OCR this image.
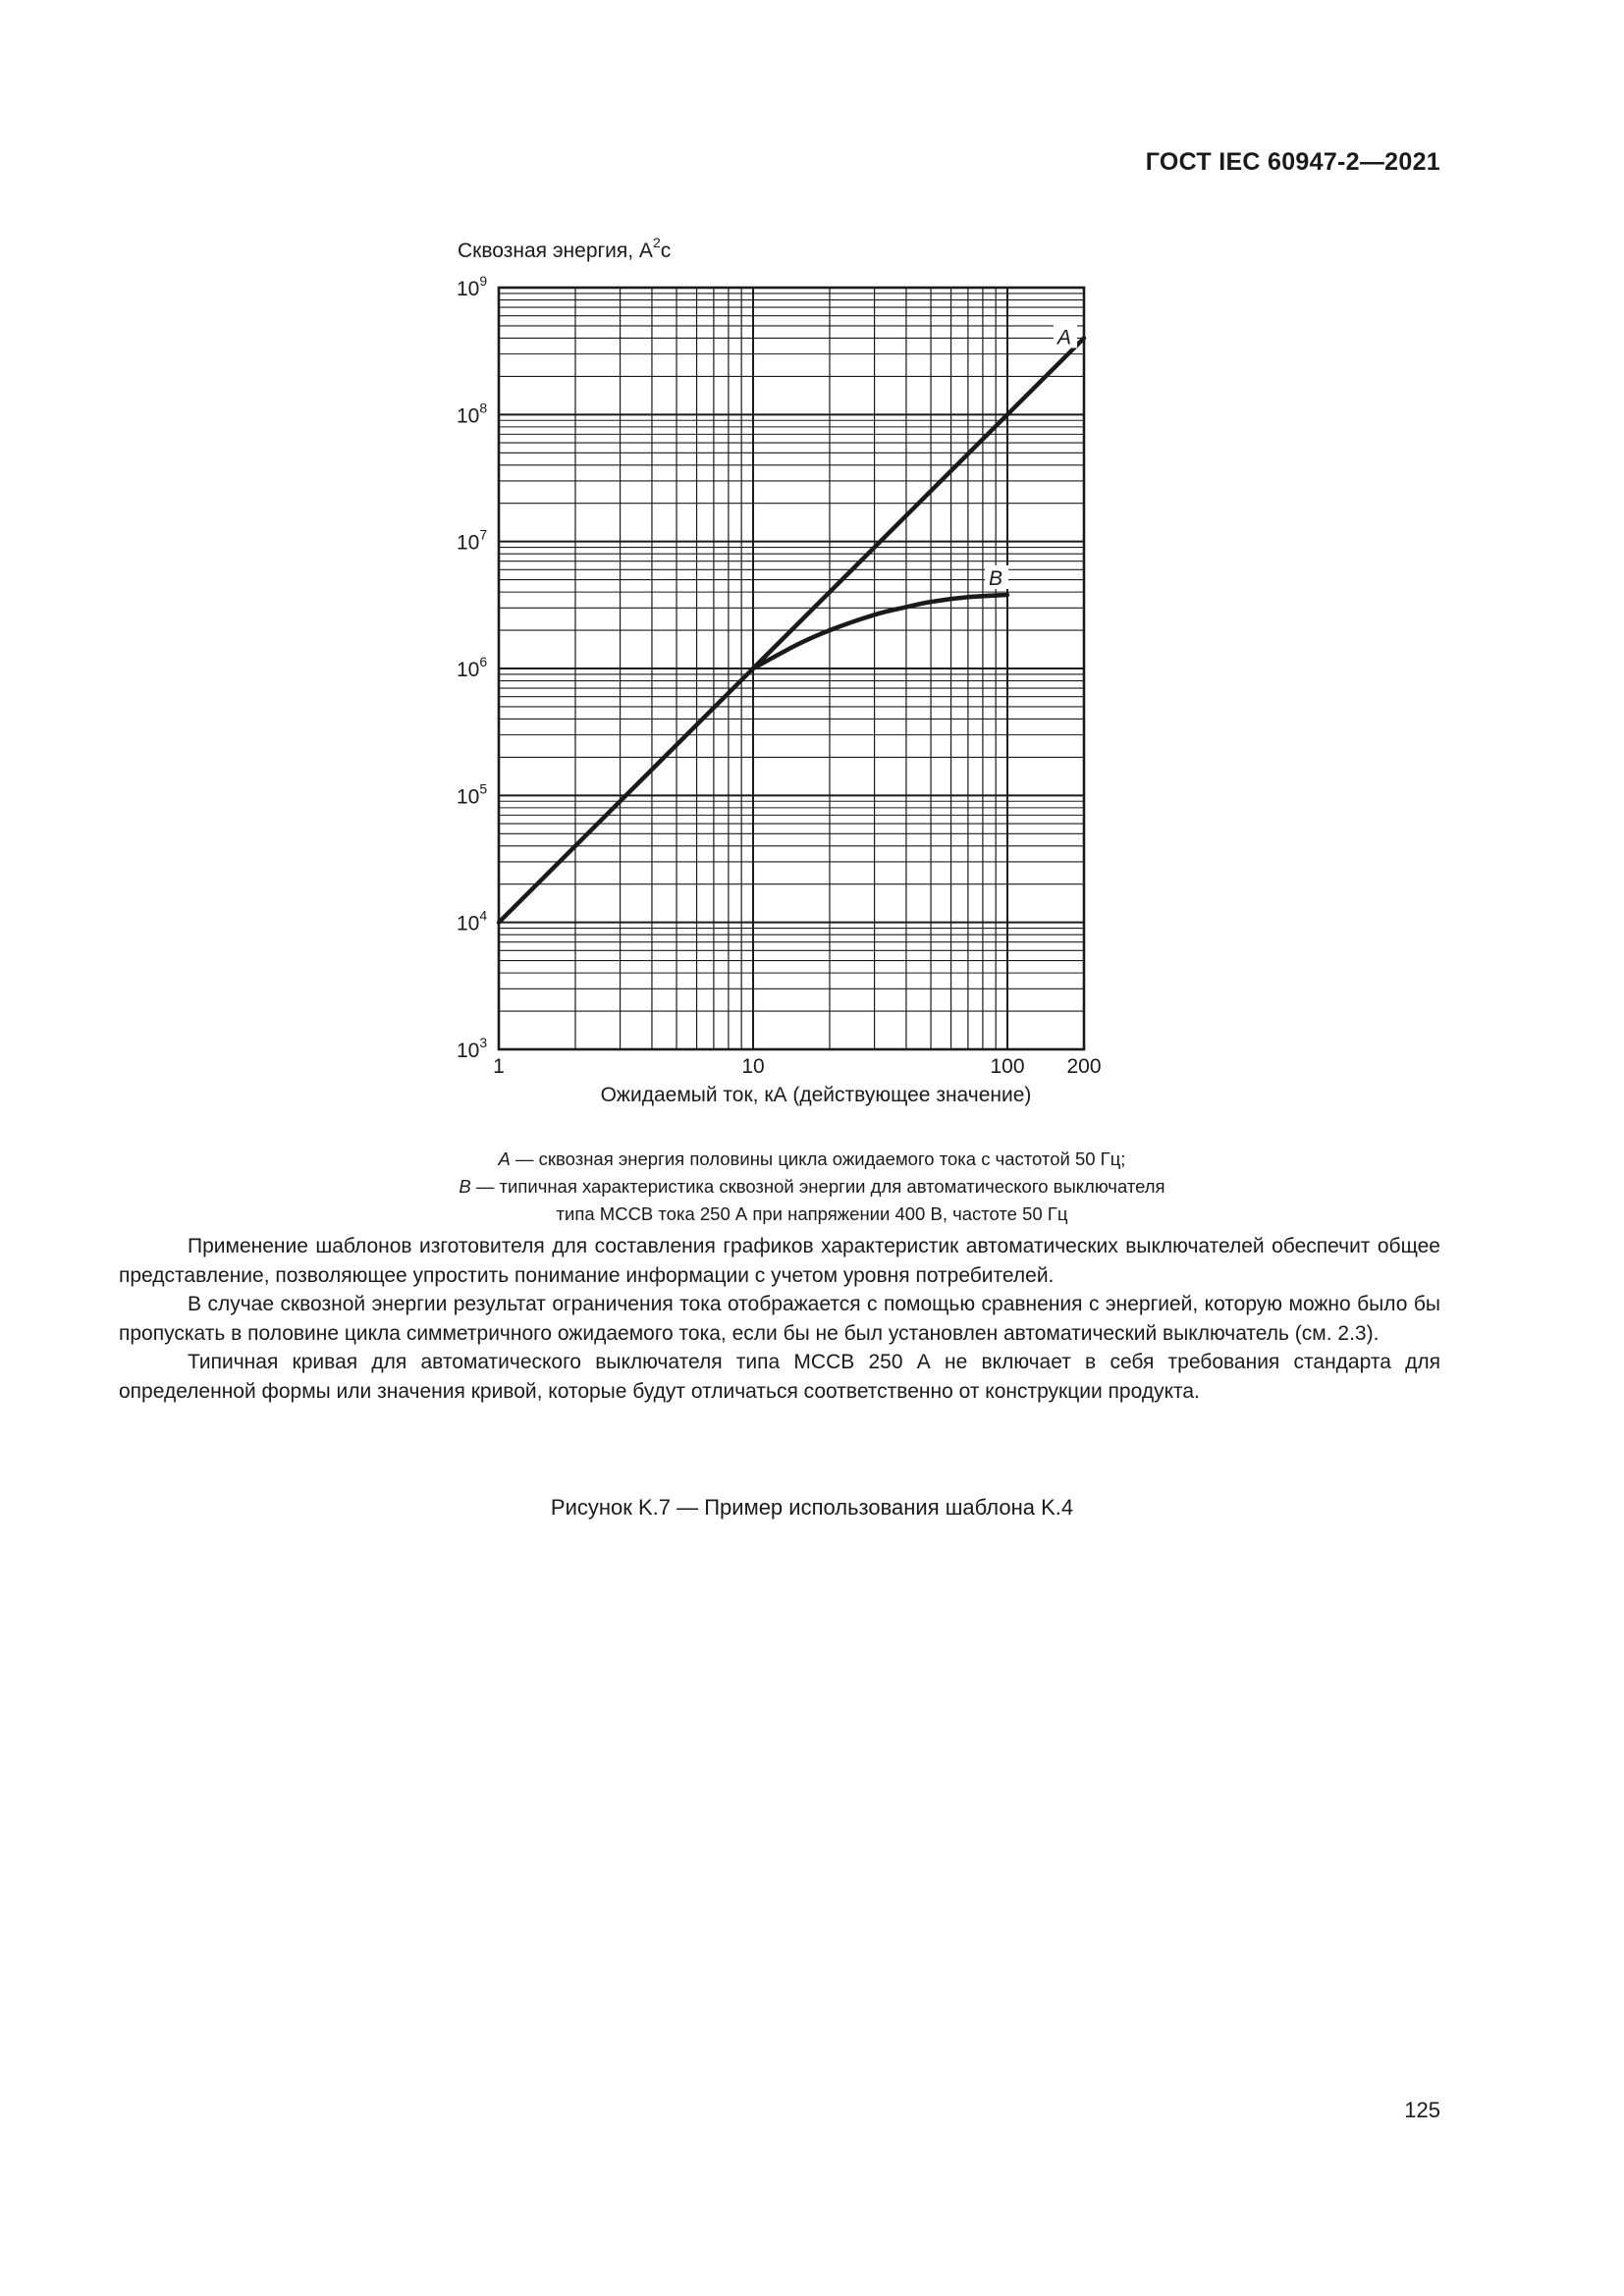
ГОСТ IEC 60947-2—2021
A
B
$10^3$
$10^4$
$10^5$
$10^6$
$10^7$
$10^8$
$10^9$
1	10	100 200
Сквозная энергия, $А^2с$
Ожидаемый ток, кА (действующее значение)
A — сквозная энергия половины цикла ожидаемого тока с частотой 50 Гц;
B — типичная характеристика сквозной энергии для автоматического выключателя
типа MCCB тока 250 А при напряжении 400 В, частоте 50 Гц

Применение шаблонов изготовителя для составления графиков характеристик автоматических выключателей обеспечит общее представление, позволяющее упростить понимание информации с учетом уровня потребителей.

В случае сквозной энергии результат ограничения тока отображается с помощью сравнения с энергией, которую можно было бы пропускать в половине цикла симметричного ожидаемого тока, если бы не был установлен автоматический выключатель (см. 2.3).

Типичная кривая для автоматического выключателя типа MCCB 250 А не включает в себя требования стандарта для определенной формы или значения кривой, которые будут отличаться соответственно от конструкции продукта.

Рисунок K.7 — Пример использования шаблона K.4
125
